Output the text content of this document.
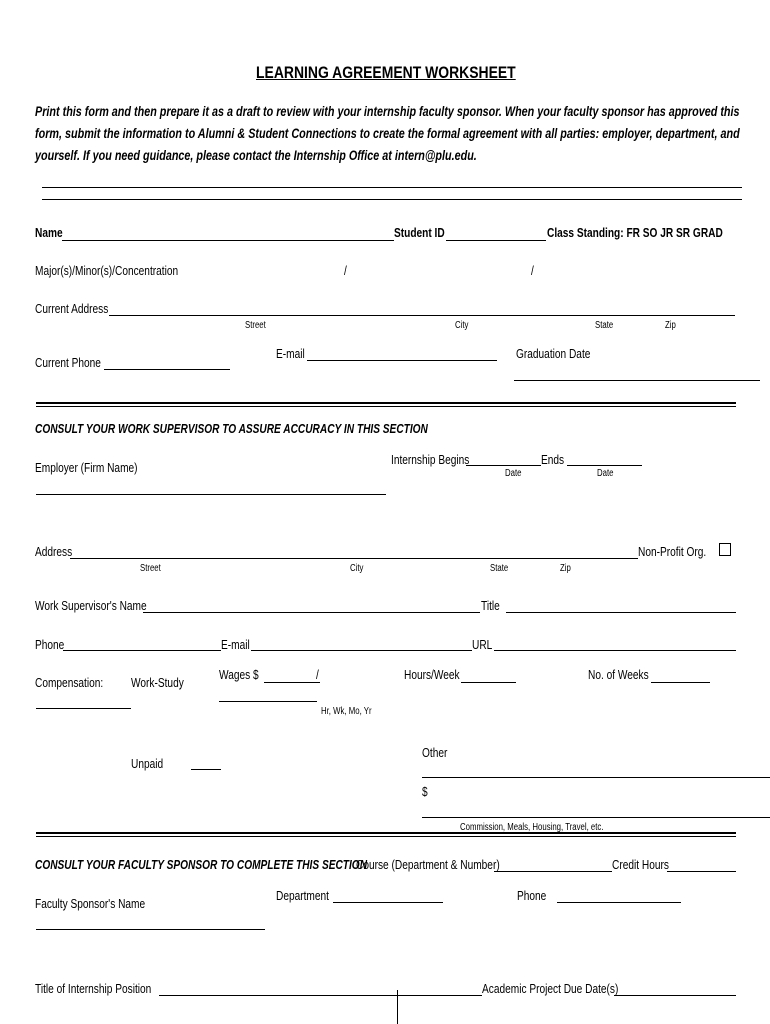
LEARNING AGREEMENT WORKSHEET
Print this form and then prepare it as a draft to review with your internship faculty sponsor. When your faculty sponsor has approved this
form, submit the information to Alumni & Student Connections to create the formal agreement with all parties: employer, department, and
yourself. If you need guidance, please contact the Internship Office at intern@plu.edu.
Name	Student ID	Class Standing: FR SO JR SR GRAD
Major(s)/Minor(s)/Concentration	/	/
Current Address
Street	City	State	Zip
Current Phone
E-mail	Graduation Date
CONSULT YOUR WORK SUPERVISOR TO ASSURE ACCURACY IN THIS SECTION
Employer (Firm Name)
Internship Begins	Ends
Date	Date
Address	Non-Profit Org.
Street	City	State	Zip
Work Supervisor's Name	Title
Phone	E-mail	URL
Compensation: Work-Study
Wages $	/
Hr, Wk, Mo, Yr
Hours/Week	No. of Weeks
Unpaid
Other
$
Commission, Meals, Housing, Travel, etc.
CONSULT YOUR FACULTY SPONSOR TO COMPLETE THIS SECTION
Course (Department & Number)	Credit Hours
Faculty Sponsor's Name
Department	Phone
Title of Internship Position	Academic Project Due Date(s)
